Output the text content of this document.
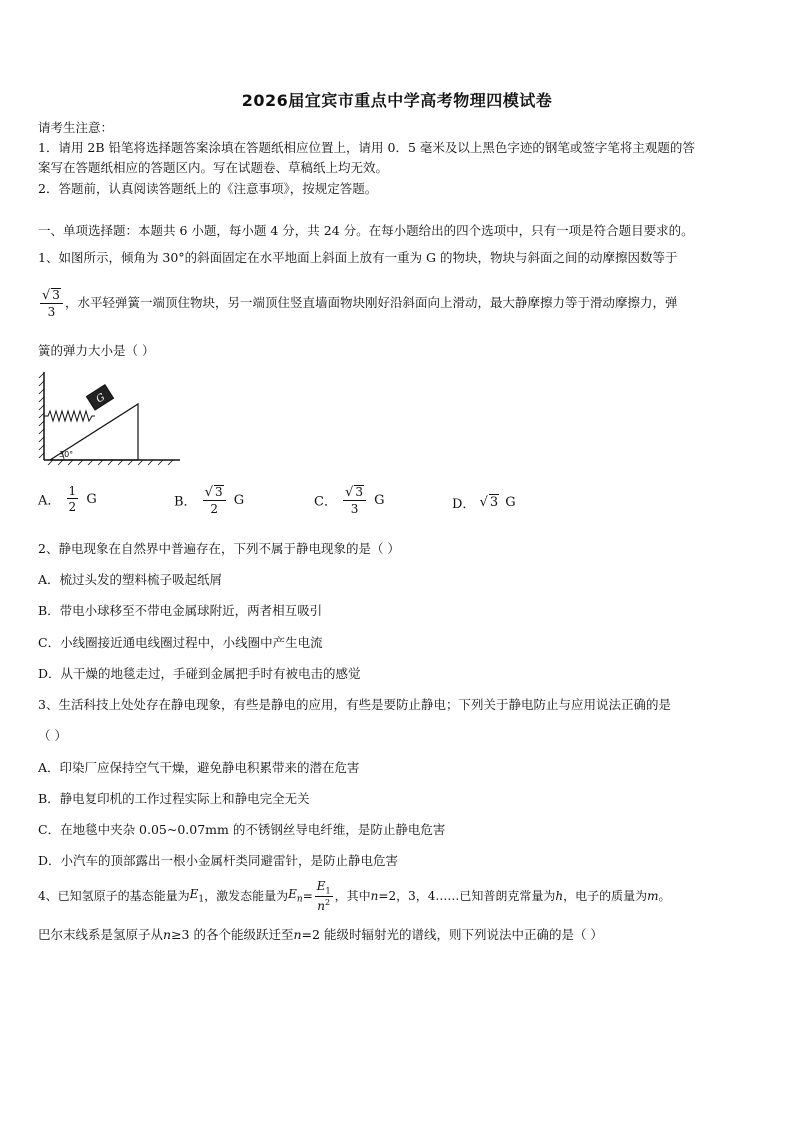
2026届宜宾市重点中学高考物理四模试卷
请考生注意：
1．请用 2B 铅笔将选择题答案涂填在答题纸相应位置上，请用 0．5 毫米及以上黑色字迹的钢笔或签字笔将主观题的答
案写在答题纸相应的答题区内。写在试题卷、草稿纸上均无效。
2．答题前，认真阅读答题纸上的《注意事项》，按规定答题。
一、单项选择题：本题共 6 小题，每小题 4 分，共 24 分。在每小题给出的四个选项中，只有一项是符合题目要求的。
1、如图所示，倾角为 30°的斜面固定在水平地面上斜面上放有一重为 G 的物块，物块与斜面之间的动摩擦因数等于
$\frac{√ 3}{3}$ ，水平轻弹簧一端顶住物块，另一端顶住竖直墙面物块刚好沿斜面向上滑动，最大静摩擦力等于滑动摩擦力，弹
簧的弹力大小是（ ）
G
30°
A． $\frac{1}{2}$ G	B． $\frac{√ 3}{2}$ G	C． $\frac{√ 3}{3}$ G	D． √ 3 G
2、静电现象在自然界中普遍存在，下列不属于静电现象的是（ ）
A．梳过头发的塑料梳子吸起纸屑
B．带电小球移至不带电金属球附近，两者相互吸引
C．小线圈接近通电线圈过程中，小线圈中产生电流
D．从干燥的地毯走过，手碰到金属把手时有被电击的感觉
3、生活科技上处处存在静电现象，有些是静电的应用，有些是要防止静电；下列关于静电防止与应用说法正确的是
（ ）
A．印染厂应保持空气干燥，避免静电积累带来的潜在危害
B．静电复印机的工作过程实际上和静电完全无关
C．在地毯中夹杂 0.05~0.07mm 的不锈钢丝导电纤维，是防止静电危害
D．小汽车的顶部露出一根小金属杆类同避雷针，是防止静电危害
4、已知氢原子的基态能量为$E_1$，激发态能量为$E_n= \frac{E_1}{n^2}$ ，其中n=2，3，4……已知普朗克常量为h，电子的质量为m。
巴尔末线系是氢原子从n≥3 的各个能级跃迁至n=2 能级时辐射光的谱线，则下列说法中正确的是（ ）
